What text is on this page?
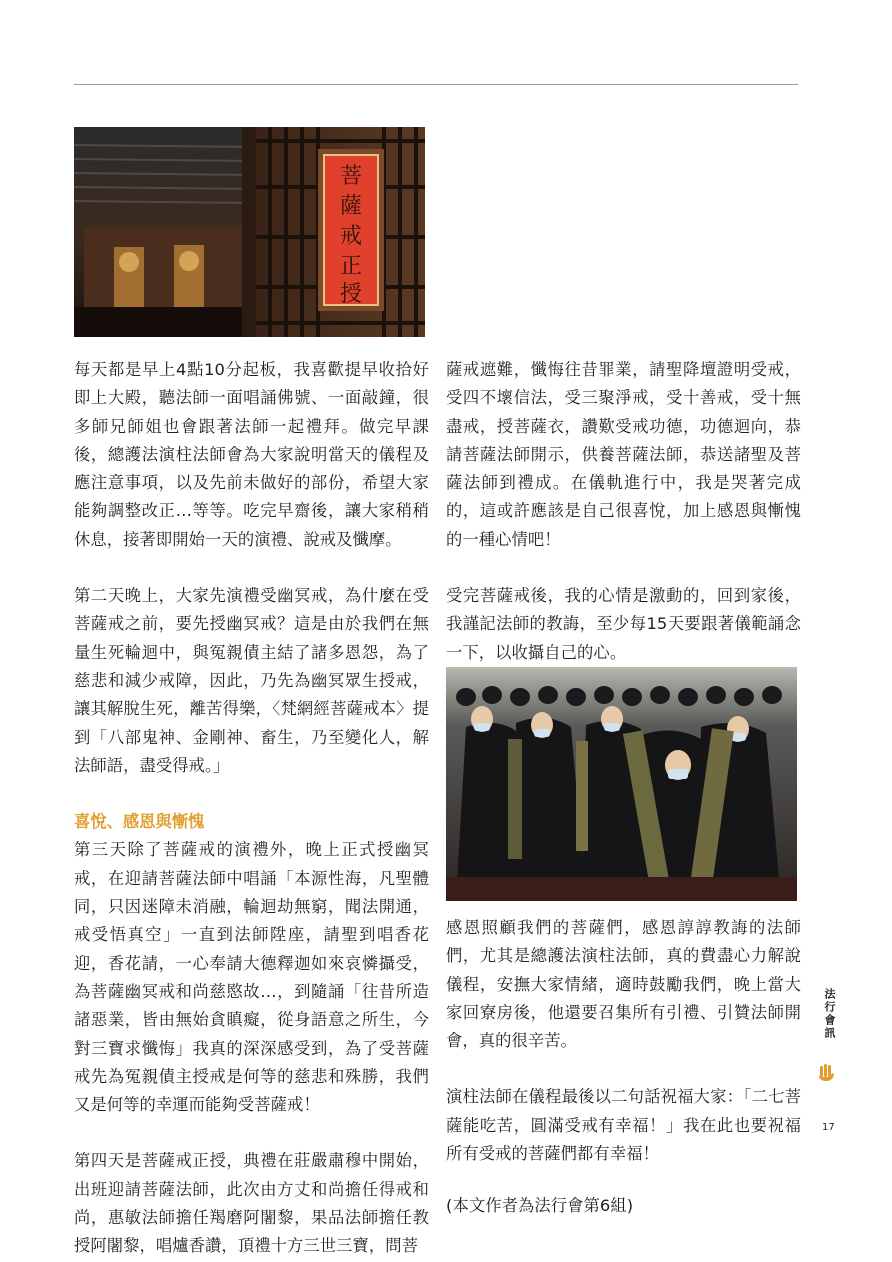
菩
薩
戒
正
授

每天都是早上4點10分起板，我喜歡提早收拾好即上大殿，聽法師一面唱誦佛號、一面敲鐘，很多師兄師姐也會跟著法師一起禮拜。做完早課後，總護法演柱法師會為大家說明當天的儀程及應注意事項，以及先前未做好的部份，希望大家能夠調整改正…等等。吃完早齋後，讓大家稍稍休息，接著即開始一天的演禮、說戒及懺摩。

第二天晚上，大家先演禮受幽冥戒，為什麼在受菩薩戒之前，要先授幽冥戒？這是由於我們在無量生死輪迴中，與冤親債主結了諸多恩怨，為了慈悲和減少戒障，因此，乃先為幽冥眾生授戒，讓其解脫生死，離苦得樂，〈梵網經菩薩戒本〉提到「八部鬼神、金剛神、畜生，乃至變化人，解法師語，盡受得戒。」

喜悅、感恩與慚愧

第三天除了菩薩戒的演禮外，晚上正式授幽冥戒，在迎請菩薩法師中唱誦「本源性海，凡聖體同，只因迷障未消融，輪迴劫無窮，聞法開通，戒受悟真空」一直到法師陞座，請聖到唱香花迎，香花請，一心奉請大德釋迦如來哀憐攝受，為菩薩幽冥戒和尚慈愍故…，到隨誦「往昔所造諸惡業，皆由無始貪瞋癡，從身語意之所生，今對三寶求懺悔」我真的深深感受到，為了受菩薩戒先為冤親債主授戒是何等的慈悲和殊勝，我們又是何等的幸運而能夠受菩薩戒！

第四天是菩薩戒正授，典禮在莊嚴肅穆中開始，出班迎請菩薩法師，此次由方丈和尚擔任得戒和尚，惠敏法師擔任羯磨阿闍黎，果品法師擔任教授阿闍黎，唱爐香讚，頂禮十方三世三寶，問菩

薩戒遮難，懺悔往昔罪業，請聖降壇證明受戒，受四不壞信法，受三聚淨戒，受十善戒，受十無盡戒，授菩薩衣，讚歎受戒功德，功德迴向，恭請菩薩法師開示，供養菩薩法師，恭送諸聖及菩薩法師到禮成。在儀軌進行中，我是哭著完成的，這或許應該是自己很喜悅，加上感恩與慚愧的一種心情吧！

受完菩薩戒後，我的心情是激動的，回到家後，我謹記法師的教誨，至少每15天要跟著儀範誦念一下，以收攝自己的心。

感恩照顧我們的菩薩們，感恩諄諄教誨的法師們，尤其是總護法演柱法師，真的費盡心力解說儀程，安撫大家情緒，適時鼓勵我們，晚上當大家回寮房後，他還要召集所有引禮、引贊法師開會，真的很辛苦。

演柱法師在儀程最後以二句話祝福大家：「二七菩薩能吃苦，圓滿受戒有幸福！」我在此也要祝福所有受戒的菩薩們都有幸福！

(本文作者為法行會第6組)

法行會訊
17
